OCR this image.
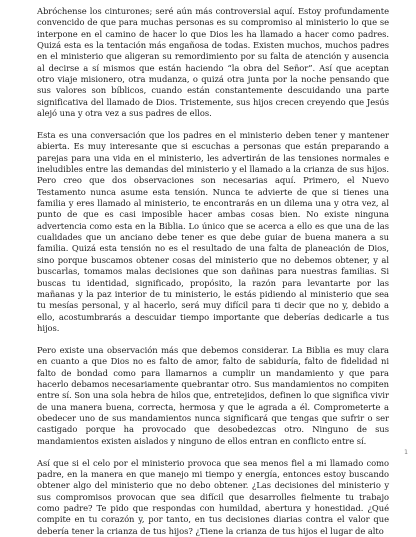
Abróchense los cinturones; seré aún más controversial aquí. Estoy profundamente convencido de que para muchas personas es su compromiso al ministerio lo que se interpone en el camino de hacer lo que Dios les ha llamado a hacer como padres. Quizá esta es la tentación más engañosa de todas. Existen muchos, muchos padres en el ministerio que aligeran su remordimiento por su falta de atención y ausencia al decirse a sí mismos que están haciendo “la obra del Señor”. Así que aceptan otro viaje misionero, otra mudanza, o quizá otra junta por la noche pensando que sus valores son bíblicos, cuando están constantemente descuidando una parte significativa del llamado de Dios. Tristemente, sus hijos crecen creyendo que Jesús alejó una y otra vez a sus padres de ellos.

Esta es una conversación que los padres en el ministerio deben tener y mantener abierta. Es muy interesante que si escuchas a personas que están preparando a parejas para una vida en el ministerio, les advertirán de las tensiones normales e ineludibles entre las demandas del ministerio y el llamado a la crianza de sus hijos. Pero creo que dos observaciones son necesarias aquí. Primero, el Nuevo Testamento nunca asume esta tensión. Nunca te advierte de que si tienes una familia y eres llamado al ministerio, te encontrarás en un dilema una y otra vez, al punto de que es casi imposible hacer ambas cosas bien. No existe ninguna advertencia como esta en la Biblia. Lo único que se acerca a ello es que una de las cualidades que un anciano debe tener es que debe guiar de buena manera a su familia. Quizá esta tensión no es el resultado de una falta de planeación de Dios, sino porque buscamos obtener cosas del ministerio que no debemos obtener, y al buscarlas, tomamos malas decisiones que son dañinas para nuestras familias. Si buscas tu identidad, significado, propósito, la razón para levantarte por las mañanas y la paz interior de tu ministerio, le estás pidiendo al ministerio que sea tu mesías personal, y al hacerlo, será muy difícil para ti decir que no y, debido a ello, acostumbrarás a descuidar tiempo importante que deberías dedicarle a tus hijos.

Pero existe una observación más que debemos considerar. La Biblia es muy clara en cuanto a que Dios no es falto de amor, falto de sabiduría, falto de fidelidad ni falto de bondad como para llamarnos a cumplir un mandamiento y que para hacerlo debamos necesariamente quebrantar otro. Sus mandamientos no compiten entre sí. Son una sola hebra de hilos que, entretejidos, definen lo que significa vivir de una manera buena, correcta, hermosa y que le agrada a él. Comprometerte a obedecer uno de sus mandamientos nunca significará que tengas que sufrir o ser castigado porque ha provocado que desobedezcas otro. Ninguno de sus mandamientos existen aislados y ninguno de ellos entran en conflicto entre sí.

Así que si el celo por el ministerio provoca que sea menos fiel a mi llamado como padre, en la manera en que manejo mi tiempo y energía, entonces estoy buscando obtener algo del ministerio que no debo obtener. ¿Las decisiones del ministerio y sus compromisos provocan que sea difícil que desarrolles fielmente tu trabajo como padre? Te pido que respondas con humildad, abertura y honestidad. ¿Qué compite en tu corazón y, por tanto, en tus decisiones diarias contra el valor que debería tener la crianza de tus hijos? ¿Tiene la crianza de tus hijos el lugar de alto

1
